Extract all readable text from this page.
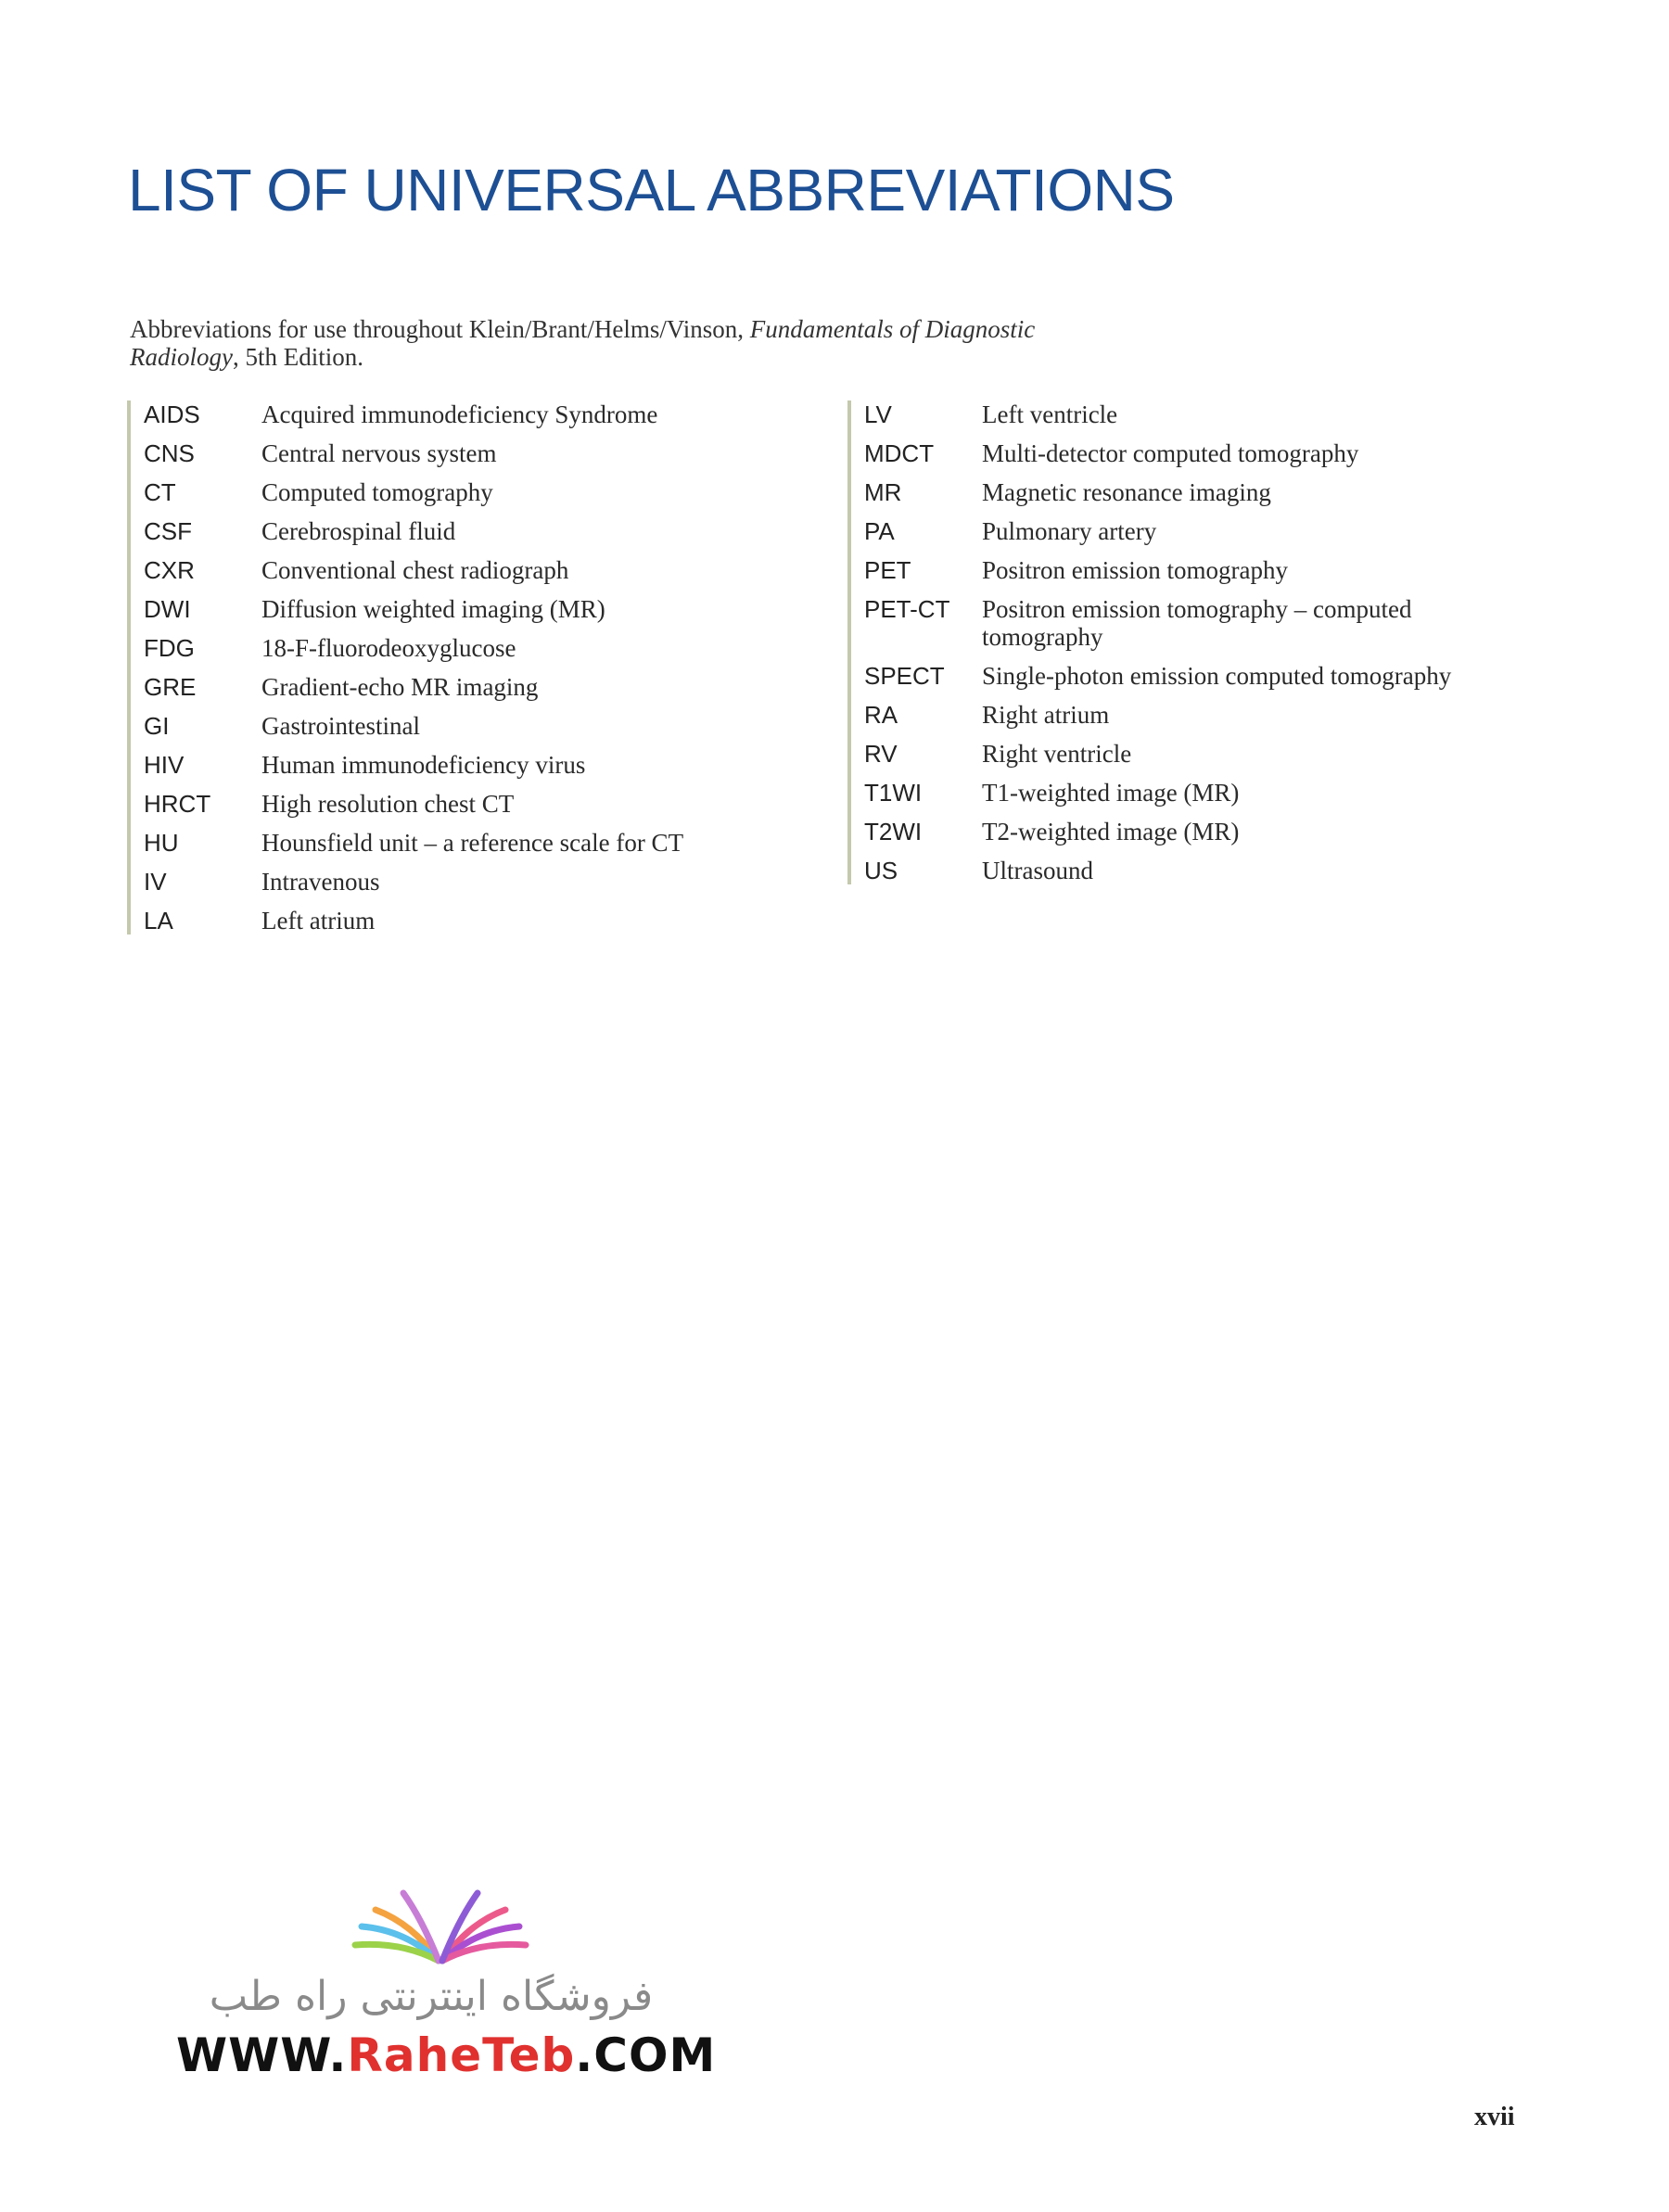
LIST OF UNIVERSAL ABBREVIATIONS
Abbreviations for use throughout Klein/Brant/Helms/Vinson, Fundamentals of Diagnostic Radiology, 5th Edition.
AIDS	Acquired immunodeficiency Syndrome
CNS	Central nervous system
CT	Computed tomography
CSF	Cerebrospinal fluid
CXR	Conventional chest radiograph
DWI	Diffusion weighted imaging (MR)
FDG	18-F-fluorodeoxyglucose
GRE	Gradient-echo MR imaging
GI	Gastrointestinal
HIV	Human immunodeficiency virus
HRCT	High resolution chest CT
HU	Hounsfield unit – a reference scale for CT
IV	Intravenous
LA	Left atrium
LV	Left ventricle
MDCT	Multi-detector computed tomography
MR	Magnetic resonance imaging
PA	Pulmonary artery
PET	Positron emission tomography
PET-CT	Positron emission tomography – computed tomography
SPECT	Single-photon emission computed tomography
RA	Right atrium
RV	Right ventricle
T1WI	T1-weighted image (MR)
T2WI	T2-weighted image (MR)
US	Ultrasound
فروشگاه اینترنتی راه طب
WWW.RaheTeb.COM
xvii
